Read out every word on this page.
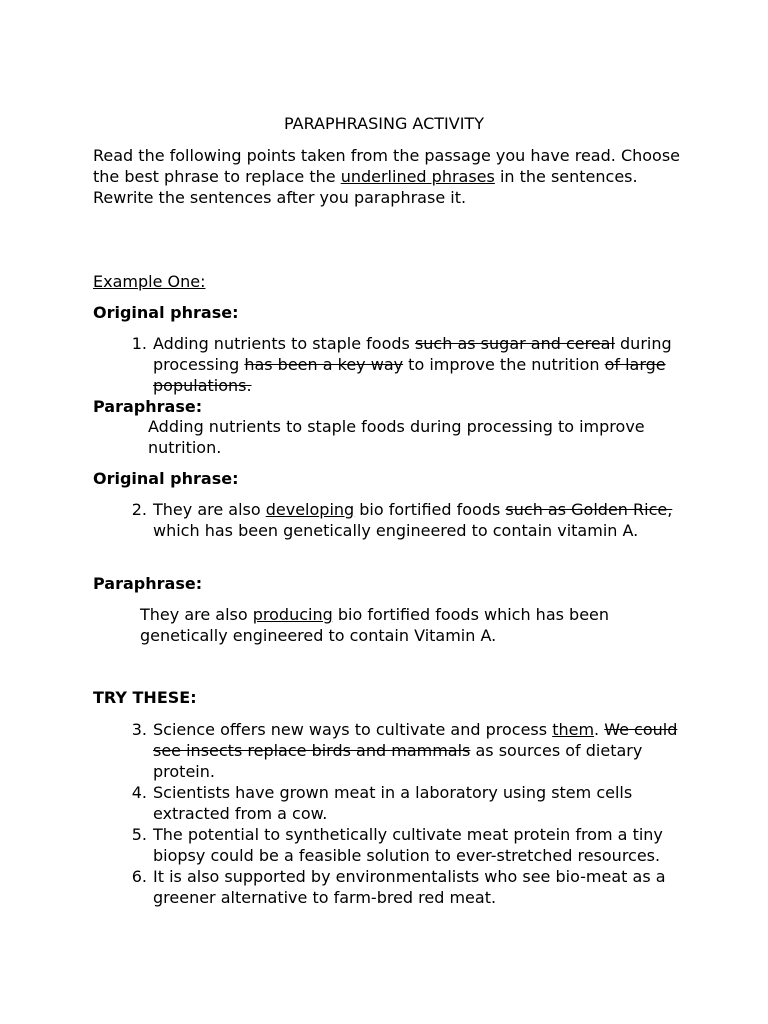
PARAPHRASING ACTIVITY
Read the following points taken from the passage you have read. Choose the best phrase to replace the underlined phrases in the sentences. Rewrite the sentences after you paraphrase it.
Example One:
Original phrase:
1. Adding nutrients to staple foods such as sugar and cereal during processing has been a key way to improve the nutrition of large populations.
Paraphrase:
Adding nutrients to staple foods during processing to improve nutrition.
Original phrase:
2. They are also developing bio fortified foods such as Golden Rice, which has been genetically engineered to contain vitamin A.
Paraphrase:
They are also producing bio fortified foods which has been genetically engineered to contain Vitamin A.
TRY THESE:
3. Science offers new ways to cultivate and process them. We could see insects replace birds and mammals as sources of dietary protein.
4. Scientists have grown meat in a laboratory using stem cells extracted from a cow.
5. The potential to synthetically cultivate meat protein from a tiny biopsy could be a feasible solution to ever-stretched resources.
6. It is also supported by environmentalists who see bio-meat as a greener alternative to farm-bred red meat.
